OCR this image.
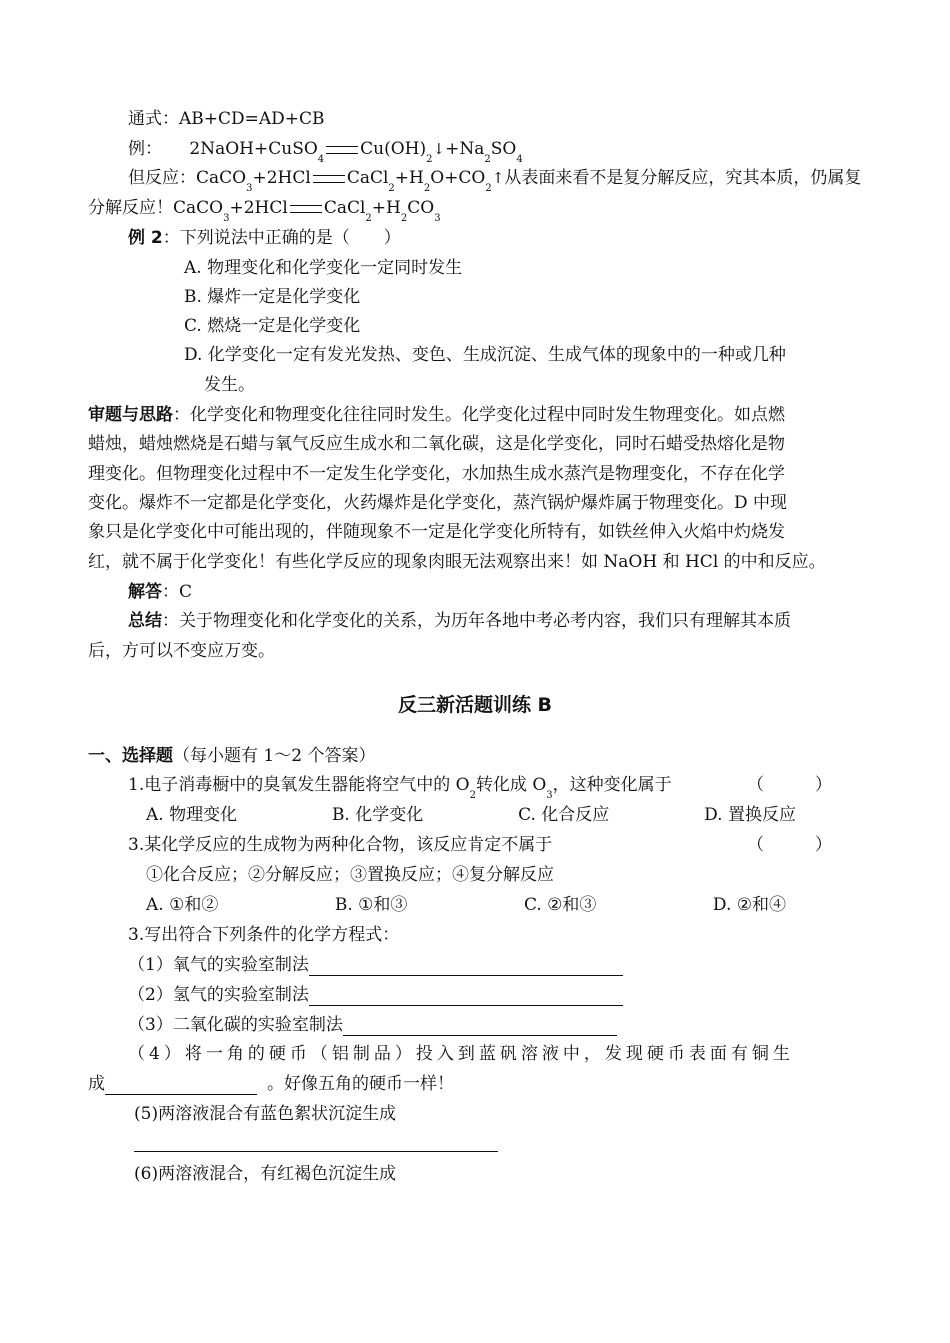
通式：AB+CD=AD+CB
例： $2NaOH+CuSO_4Cu(OH)_2↓+Na_2SO_4$
但反应：CaCO$_3$+2HCl $CaCl_2+H_2O+CO_2↑$从表面来看不是复分解反应，究其本质，仍属复
分解反应！CaCO$_3$+2HCl $CaCl_2+H_2CO_3$
例 2：下列说法中正确的是（　　）
A. 物理变化和化学变化一定同时发生
B. 爆炸一定是化学变化
C. 燃烧一定是化学变化
D. 化学变化一定有发光发热、变色、生成沉淀、生成气体的现象中的一种或几种
发生。
审题与思路：化学变化和物理变化往往同时发生。化学变化过程中同时发生物理变化。如点燃
蜡烛，蜡烛燃烧是石蜡与氧气反应生成水和二氧化碳，这是化学变化，同时石蜡受热熔化是物
理变化。但物理变化过程中不一定发生化学变化，水加热生成水蒸汽是物理变化，不存在化学
变化。爆炸不一定都是化学变化，火药爆炸是化学变化，蒸汽锅炉爆炸属于物理变化。D 中现
象只是化学变化中可能出现的，伴随现象不一定是化学变化所特有，如铁丝伸入火焰中灼烧发
红，就不属于化学变化！有些化学反应的现象肉眼无法观察出来！如 NaOH 和 HCl 的中和反应。
解答：C
总结：关于物理变化和化学变化的关系，为历年各地中考必考内容，我们只有理解其本质
后，方可以不变应万变。
反三新活题训练 B
一、选择题（每小题有 1～2 个答案）
1.电子消毒橱中的臭氧发生器能将空气中的 $O_2$转化成 $O_3$，这种变化属于	（　　　）
A. 物理变化	B. 化学变化	C. 化合反应	D. 置换反应
3.某化学反应的生成物为两种化合物，该反应肯定不属于	（　　　）
①化合反应；②分解反应；③置换反应；④复分解反应
A. ①和②	B. ①和③	C. ②和③	D. ②和④
3.写出符合下列条件的化学方程式：
（1）氧气的实验室制法
（2）氢气的实验室制法
（3）二氧化碳的实验室制法
（4）将一角的硬币（铝制品）投入到蓝矾溶液中，发现硬币表面有铜生
成	。好像五角的硬币一样！
(5)两溶液混合有蓝色絮状沉淀生成
(6)两溶液混合，有红褐色沉淀生成
